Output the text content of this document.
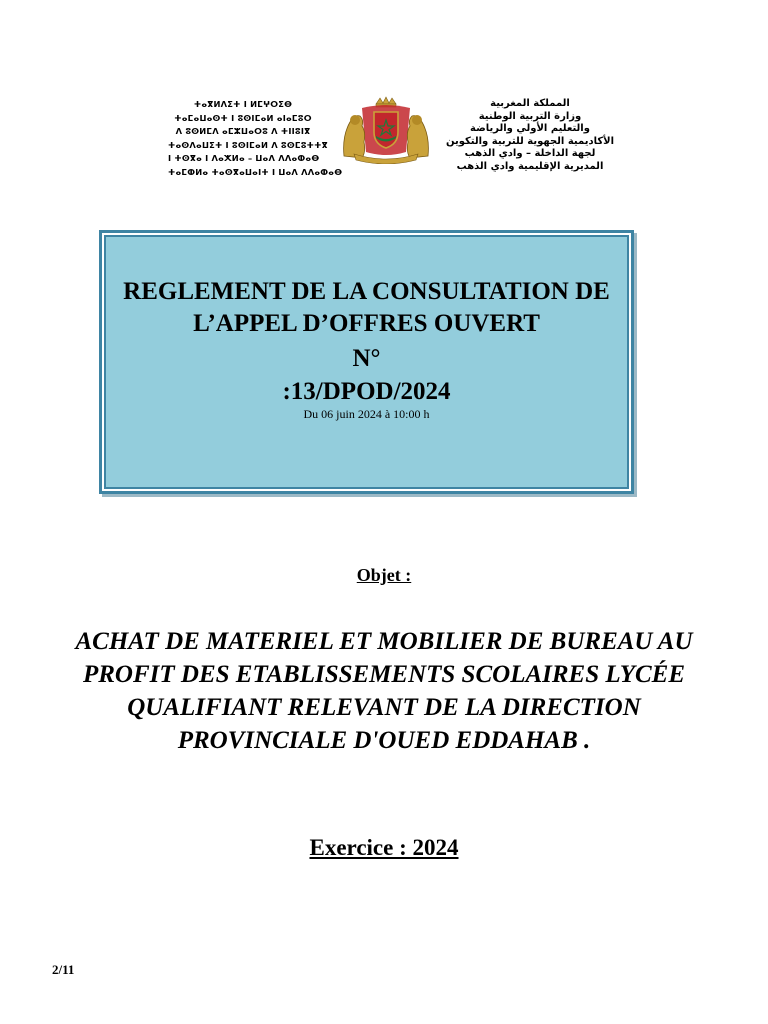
ⵜⴰⴳⵍⴷⵉⵜ ⵏ ⵍⵎⵖⵔⵉⴱ
ⵜⴰⵎⴰⵡⴰⵙⵜ ⵏ ⵓⵙⵏⵎⴰⵍ ⴰⵏⴰⵎⵓⵔ
ⴷ ⵓⵙⵍⵎⴷ ⴰⵎⵣⵡⴰⵔⵓ ⴷ ⵜⵏⵏⵓⵏⴳ
ⵜⴰⵙⴷⴰⵡⵉⵜ ⵏ ⵓⵙⵏⵎⴰⵍ ⴷ ⵓⵙⵎⵓⵜⵜⴳ
ⵏ ⵜⵙⴳⴰ ⵏ ⴷⴰⵅⵍⴰ – ⵡⴰⴷ ⴷⴷⴰⵀⴰⴱ
ⵜⴰⵎⵀⵍⴰ ⵜⴰⵙⴳⴰⵡⴰⵏⵜ ⵏ ⵡⴰⴷ ⴷⴷⴰⵀⴰⴱ
المملكة المغربية
وزارة التربية الوطنية
والتعليم الأولي والرياضة
الأكاديمية الجهوية للتربية والتكوين
لجهة الداخلة – وادي الذهب
المديرية الإقليمية وادي الذهب
REGLEMENT DE LA CONSULTATION DE
L’APPEL D’OFFRES OUVERT
N°
:13/DPOD/2024
Du 06 juin 2024 à 10:00 h
Objet :
ACHAT DE MATERIEL ET MOBILIER DE BUREAU AU
PROFIT DES ETABLISSEMENTS SCOLAIRES LYCÉE
QUALIFIANT RELEVANT DE LA DIRECTION
PROVINCIALE D'OUED EDDAHAB .
Exercice : 2024
2/11
